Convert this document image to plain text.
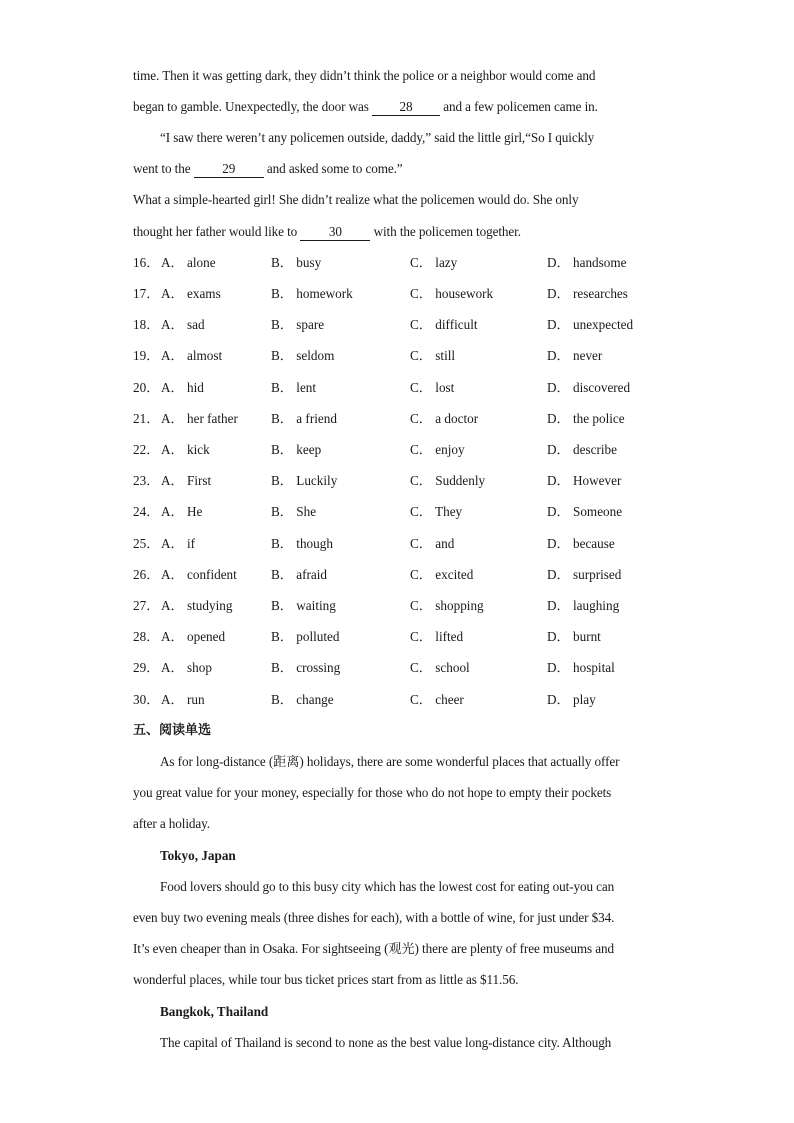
time. Then it was getting dark, they didn’t think the police or a neighbor would come and
began to gamble. Unexpectedly, the door was 28 and a few policemen came in.
“I saw there weren’t any policemen outside, daddy,” said the little girl,“So I quickly
went to the 29 and asked some to come.”
What a simple-hearted girl! She didn’t realize what the policemen would do. She only
thought her father would like to 30 with the policemen together.
16． A． alone	B． busy	C． lazy	D． handsome
17． A． exams	B． homework	C． housework	D． researches
18． A． sad	B． spare	C． difficult	D． unexpected
19． A． almost	B． seldom	C． still	D． never
20． A． hid	B． lent	C． lost	D． discovered
21． A． her father	B． a friend	C． a doctor	D． the police
22． A． kick	B． keep	C． enjoy	D． describe
23． A． First	B． Luckily	C． Suddenly	D． However
24． A． He	B． She	C． They	D． Someone
25． A． if	B． though	C． and	D． because
26． A． confident	B． afraid	C． excited	D． surprised
27． A． studying	B． waiting	C． shopping	D． laughing
28． A． opened	B． polluted	C． lifted	D． burnt
29． A． shop	B． crossing	C． school	D． hospital
30． A． run	B． change	C． cheer	D． play
五、阅读单选
As for long-distance (距离) holidays, there are some wonderful places that actually offer
you great value for your money, especially for those who do not hope to empty their pockets
after a holiday.
Tokyo, Japan
Food lovers should go to this busy city which has the lowest cost for eating out-you can
even buy two evening meals (three dishes for each), with a bottle of wine, for just under $34.
It’s even cheaper than in Osaka. For sightseeing (观光) there are plenty of free museums and
wonderful places, while tour bus ticket prices start from as little as $11.56.
Bangkok, Thailand
The capital of Thailand is second to none as the best value long-distance city. Although
